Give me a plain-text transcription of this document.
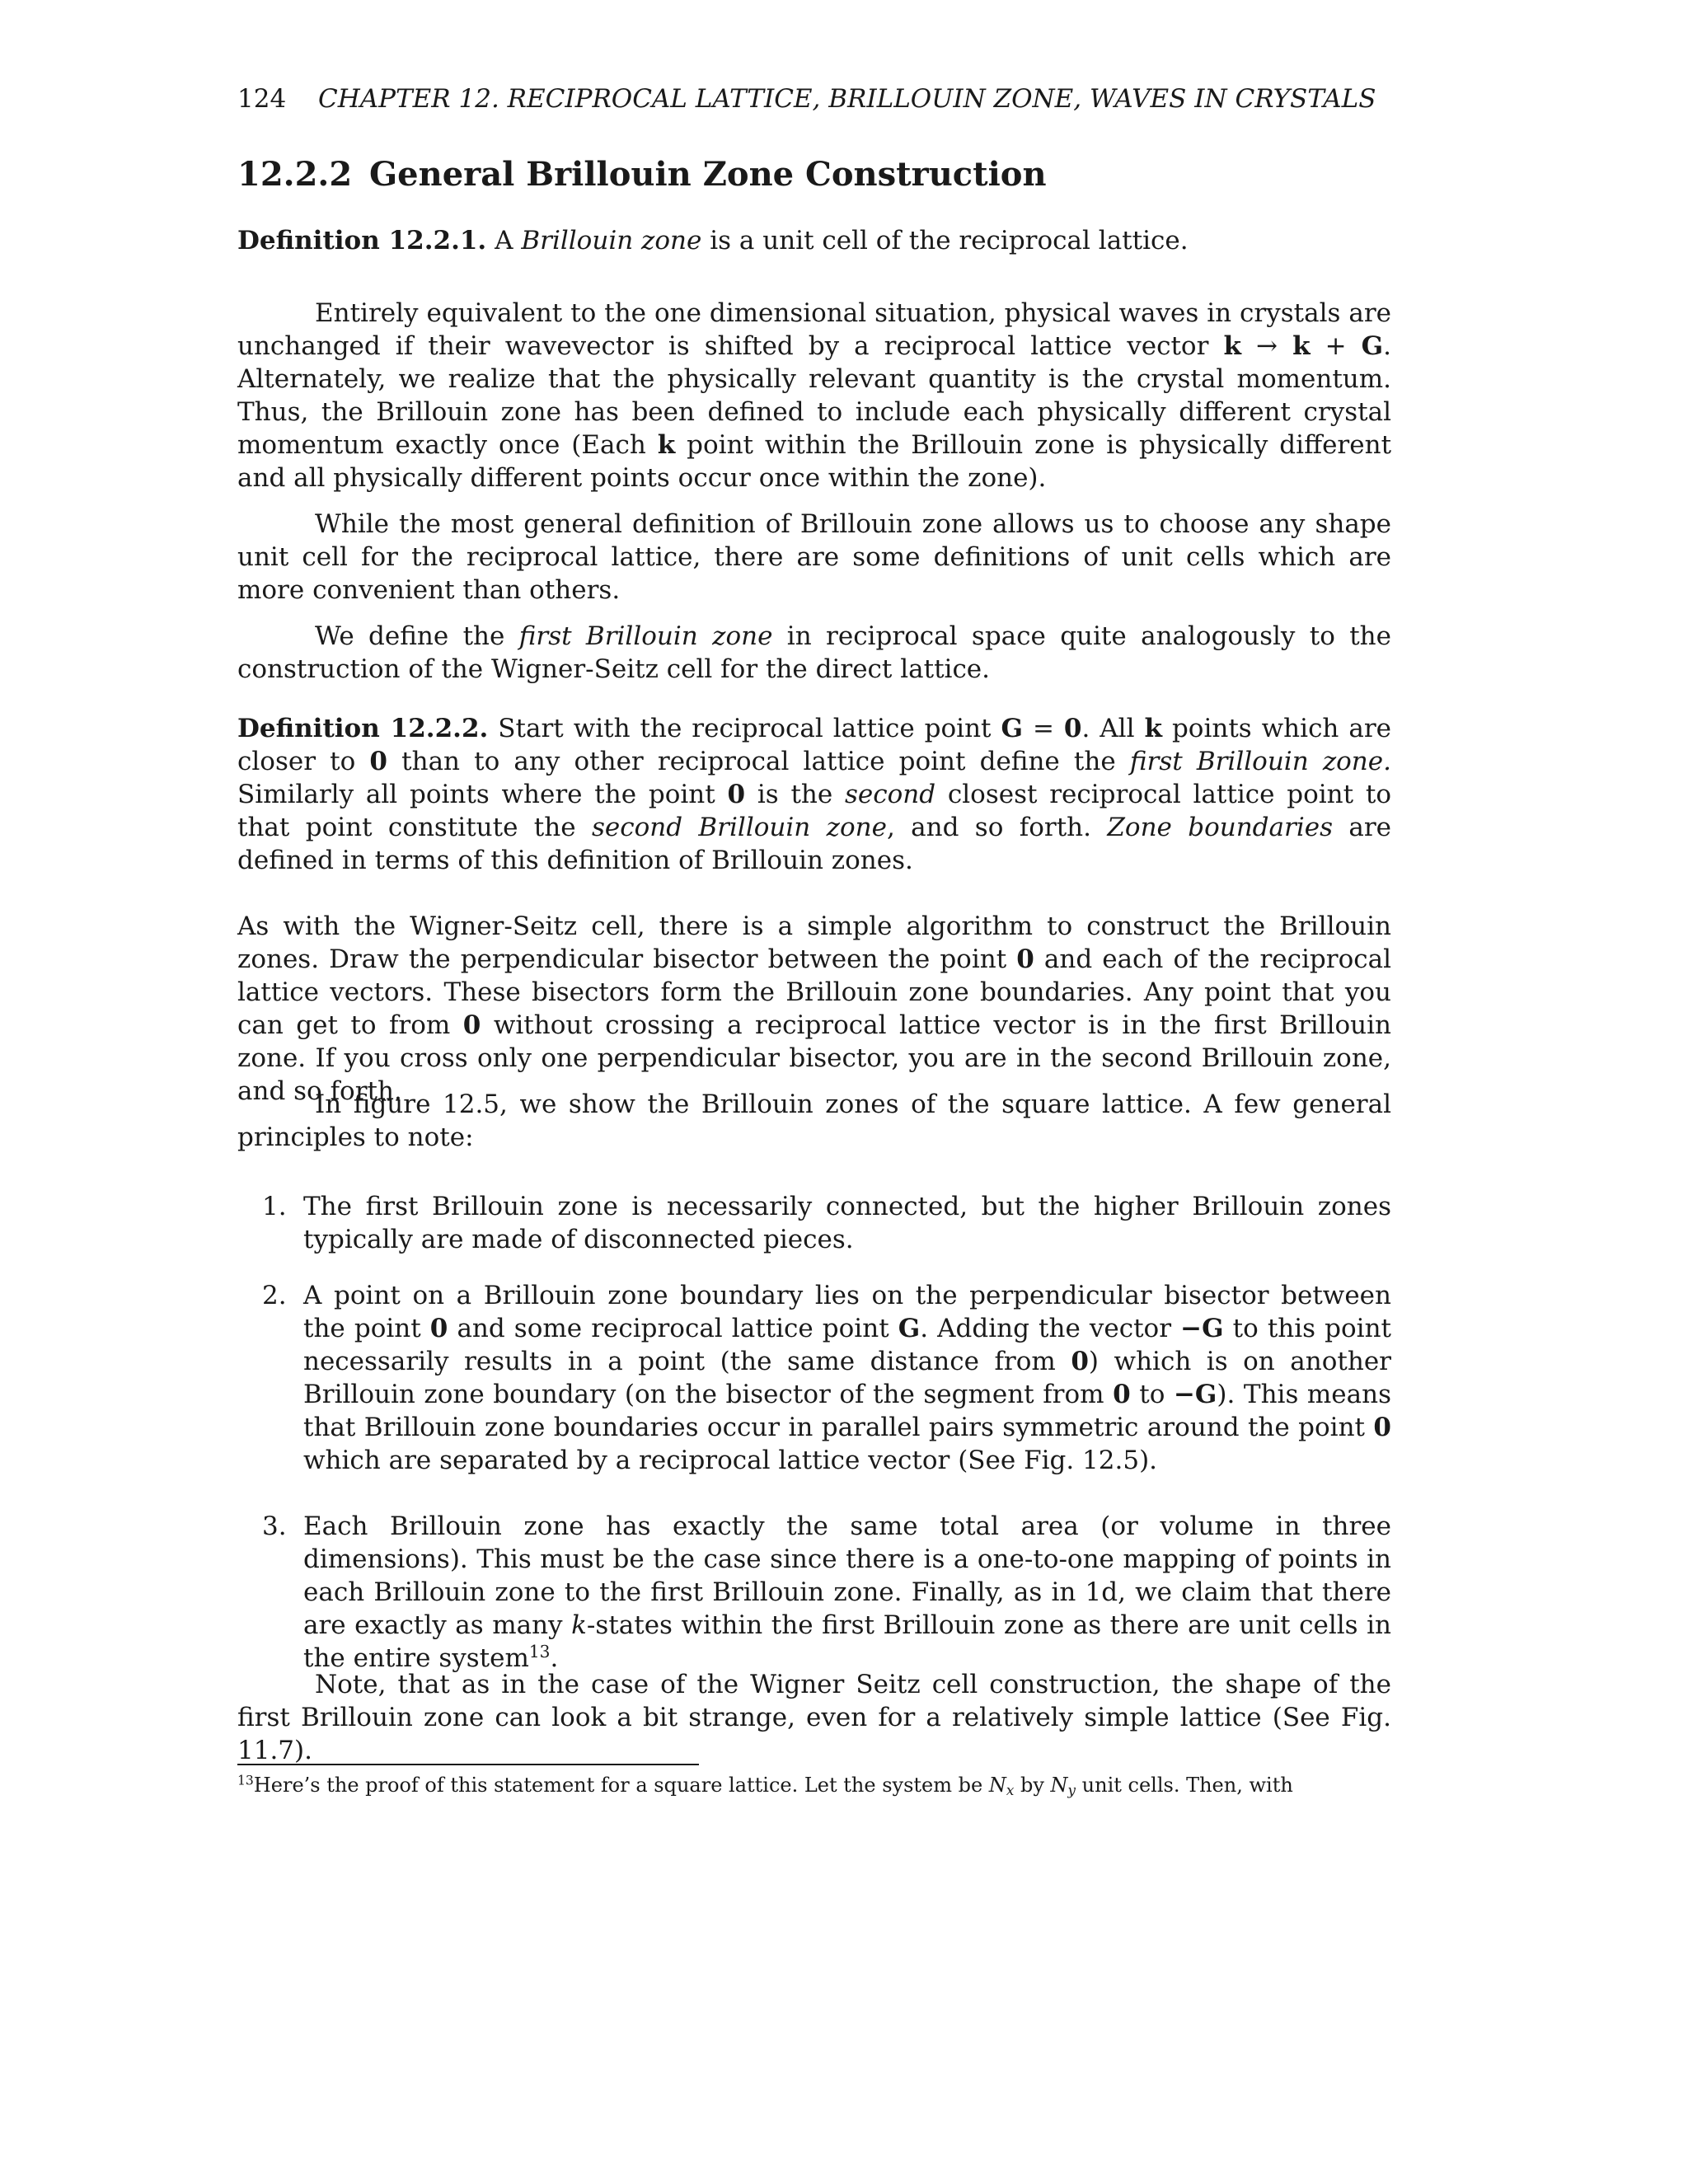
124 CHAPTER 12. RECIPROCAL LATTICE, BRILLOUIN ZONE, WAVES IN CRYSTALS
12.2.2 General Brillouin Zone Construction
Definition 12.2.1. A Brillouin zone is a unit cell of the reciprocal lattice.
Entirely equivalent to the one dimensional situation, physical waves in crystals are unchanged if their wavevector is shifted by a reciprocal lattice vector k → k + G. Alternately, we realize that the physically relevant quantity is the crystal momentum. Thus, the Brillouin zone has been defined to include each physically different crystal momentum exactly once (Each k point within the Brillouin zone is physically different and all physically different points occur once within the zone).
While the most general definition of Brillouin zone allows us to choose any shape unit cell for the reciprocal lattice, there are some definitions of unit cells which are more convenient than others.
We define the first Brillouin zone in reciprocal space quite analogously to the construction of the Wigner-Seitz cell for the direct lattice.
Definition 12.2.2. Start with the reciprocal lattice point G = 0. All k points which are closer to 0 than to any other reciprocal lattice point define the first Brillouin zone. Similarly all points where the point 0 is the second closest reciprocal lattice point to that point constitute the second Brillouin zone, and so forth. Zone boundaries are defined in terms of this definition of Brillouin zones.
As with the Wigner-Seitz cell, there is a simple algorithm to construct the Brillouin zones. Draw the perpendicular bisector between the point 0 and each of the reciprocal lattice vectors. These bisectors form the Brillouin zone boundaries. Any point that you can get to from 0 without crossing a reciprocal lattice vector is in the first Brillouin zone. If you cross only one perpendicular bisector, you are in the second Brillouin zone, and so forth.
In figure 12.5, we show the Brillouin zones of the square lattice. A few general principles to note:
1. The first Brillouin zone is necessarily connected, but the higher Brillouin zones typically are made of disconnected pieces.
2. A point on a Brillouin zone boundary lies on the perpendicular bisector between the point 0 and some reciprocal lattice point G. Adding the vector −G to this point necessarily results in a point (the same distance from 0) which is on another Brillouin zone boundary (on the bisector of the segment from 0 to −G). This means that Brillouin zone boundaries occur in parallel pairs symmetric around the point 0 which are separated by a reciprocal lattice vector (See Fig. 12.5).
3. Each Brillouin zone has exactly the same total area (or volume in three dimensions). This must be the case since there is a one-to-one mapping of points in each Brillouin zone to the first Brillouin zone. Finally, as in 1d, we claim that there are exactly as many k-states within the first Brillouin zone as there are unit cells in the entire system$^{13}$.
Note, that as in the case of the Wigner Seitz cell construction, the shape of the first Brillouin zone can look a bit strange, even for a relatively simple lattice (See Fig. 11.7).
$^{13}$Here’s the proof of this statement for a square lattice. Let the system be $N_x$ by $N_y$ unit cells. Then, with
